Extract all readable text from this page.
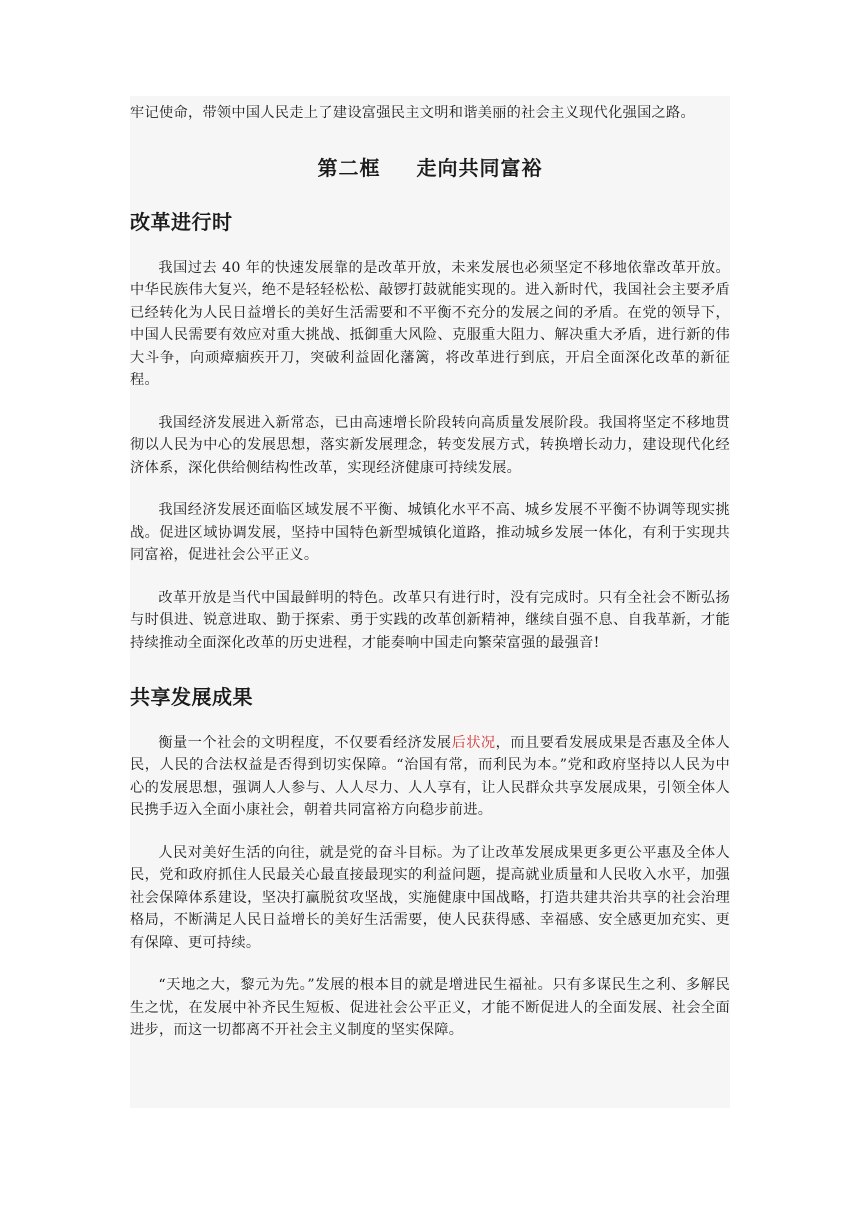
牢记使命，带领中国人民走上了建设富强民主文明和谐美丽的社会主义现代化强国之路。

第二框 走向共同富裕
改革进行时

我国过去 40 年的快速发展靠的是改革开放，未来发展也必须坚定不移地依靠改革开放。中华民族伟大复兴，绝不是轻轻松松、敲锣打鼓就能实现的。进入新时代，我国社会主要矛盾已经转化为人民日益增长的美好生活需要和不平衡不充分的发展之间的矛盾。在党的领导下，中国人民需要有效应对重大挑战、抵御重大风险、克服重大阻力、解决重大矛盾，进行新的伟大斗争，向顽瘴痼疾开刀，突破利益固化藩篱，将改革进行到底，开启全面深化改革的新征程。

我国经济发展进入新常态，已由高速增长阶段转向高质量发展阶段。我国将坚定不移地贯彻以人民为中心的发展思想，落实新发展理念，转变发展方式，转换增长动力，建设现代化经济体系，深化供给侧结构性改革，实现经济健康可持续发展。

我国经济发展还面临区域发展不平衡、城镇化水平不高、城乡发展不平衡不协调等现实挑战。促进区域协调发展，坚持中国特色新型城镇化道路，推动城乡发展一体化，有利于实现共同富裕，促进社会公平正义。

改革开放是当代中国最鲜明的特色。改革只有进行时，没有完成时。只有全社会不断弘扬与时俱进、锐意进取、勤于探索、勇于实践的改革创新精神，继续自强不息、自我革新，才能持续推动全面深化改革的历史进程，才能奏响中国走向繁荣富强的最强音!

共享发展成果

衡量一个社会的文明程度，不仅要看经济发展后状况，而且要看发展成果是否惠及全体人民，人民的合法权益是否得到切实保障。“治国有常，而利民为本。”党和政府坚持以人民为中心的发展思想，强调人人参与、人人尽力、人人享有，让人民群众共享发展成果，引领全体人民携手迈入全面小康社会，朝着共同富裕方向稳步前进。

人民对美好生活的向往，就是党的奋斗目标。为了让改革发展成果更多更公平惠及全体人民，党和政府抓住人民最关心最直接最现实的利益问题，提高就业质量和人民收入水平，加强社会保障体系建设，坚决打赢脱贫攻坚战，实施健康中国战略，打造共建共治共享的社会治理格局，不断满足人民日益增长的美好生活需要，使人民获得感、幸福感、安全感更加充实、更有保障、更可持续。

“天地之大，黎元为先。”发展的根本目的就是增进民生福祉。只有多谋民生之利、多解民生之忧，在发展中补齐民生短板、促进社会公平正义，才能不断促进人的全面发展、社会全面进步，而这一切都离不开社会主义制度的坚实保障。
